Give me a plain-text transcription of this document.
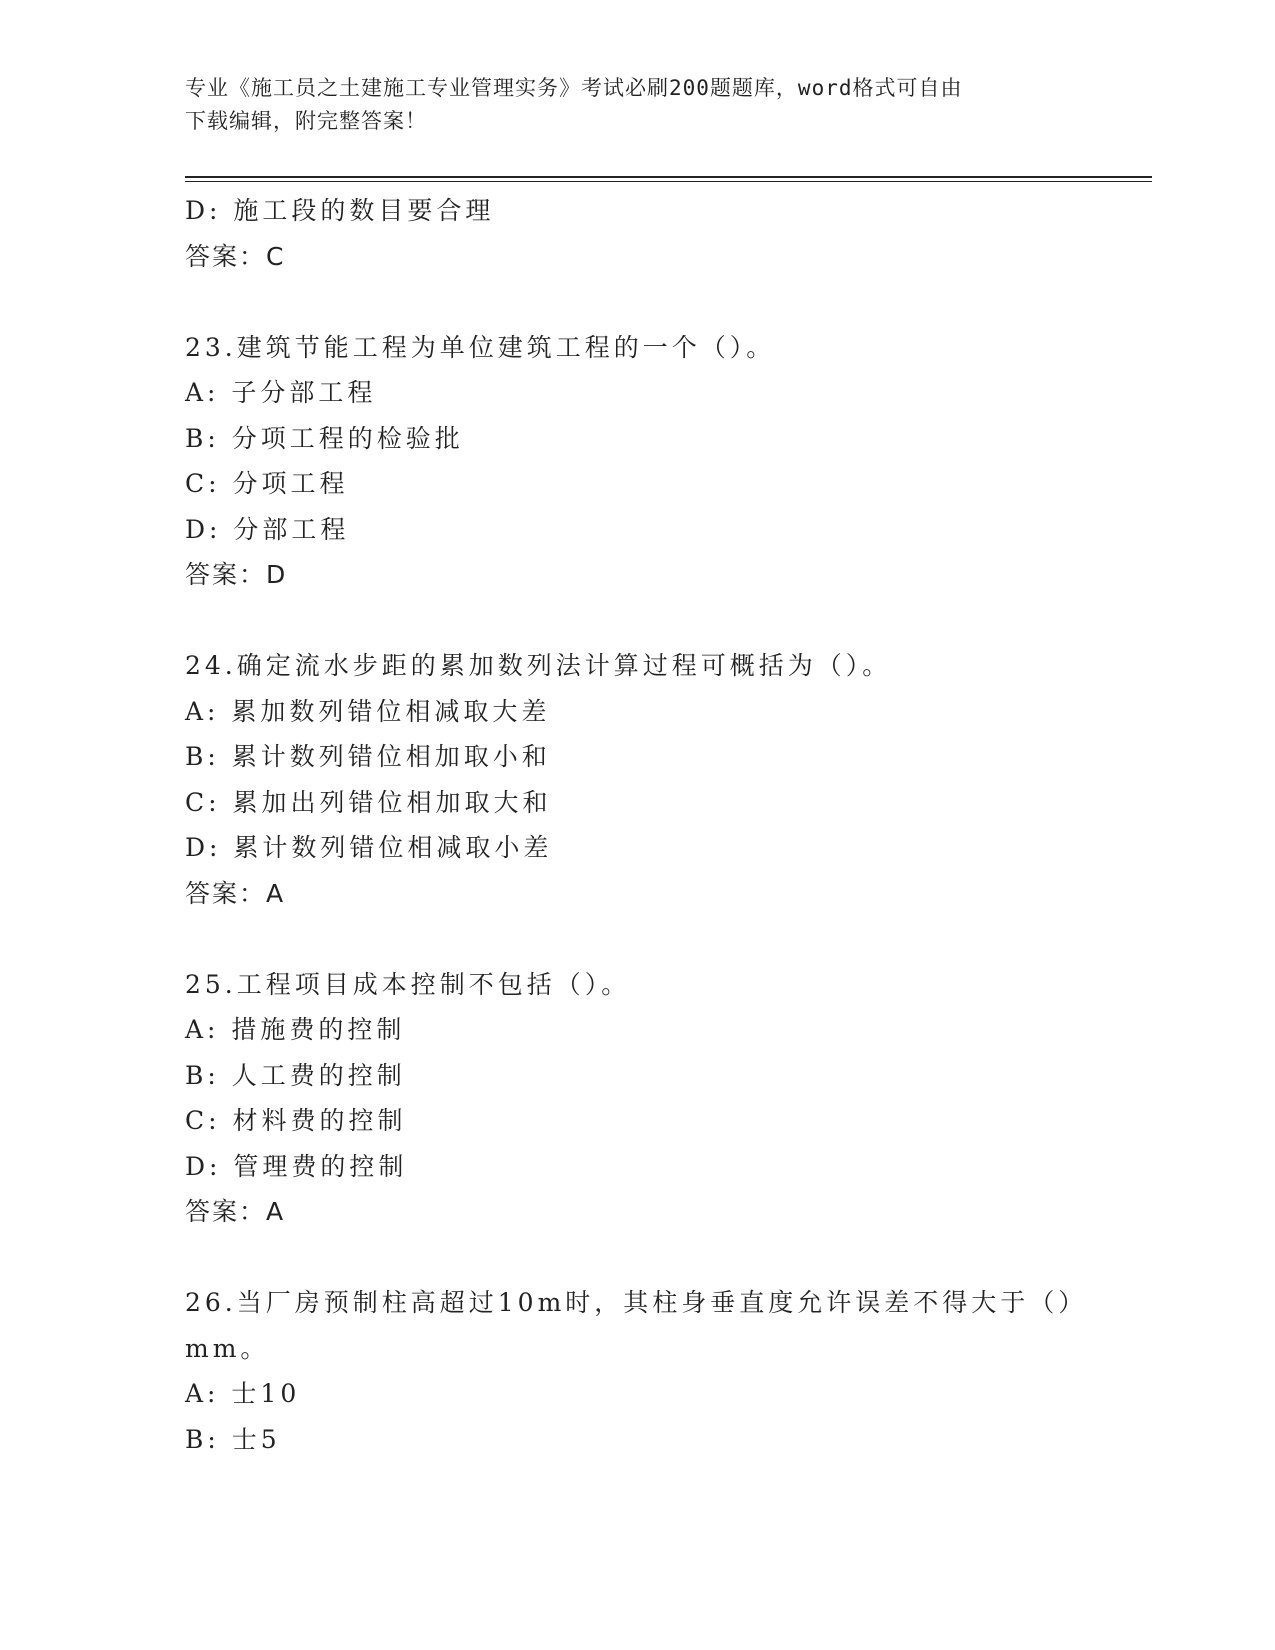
专业《施工员之土建施工专业管理实务》考试必刷200题题库，word格式可自由
下载编辑，附完整答案！
D: 施工段的数目要合理
答案：C
23.建筑节能工程为单位建筑工程的一个（）。
A: 子分部工程
B: 分项工程的检验批
C: 分项工程
D: 分部工程
答案：D
24.确定流水步距的累加数列法计算过程可概括为（）。
A: 累加数列错位相减取大差
B: 累计数列错位相加取小和
C: 累加出列错位相加取大和
D: 累计数列错位相减取小差
答案：A
25.工程项目成本控制不包括（）。
A: 措施费的控制
B: 人工费的控制
C: 材料费的控制
D: 管理费的控制
答案：A
26.当厂房预制柱高超过10m时，其柱身垂直度允许误差不得大于（）
mm。
A: 士10
B: 士5
